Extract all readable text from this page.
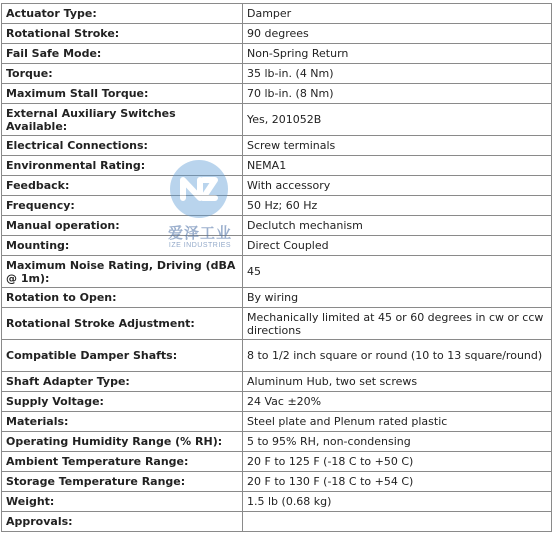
Actuator Type:	Damper
Rotational Stroke:	90 degrees
Fail Safe Mode:	Non-Spring Return
Torque:	35 lb-in. (4 Nm)
Maximum Stall Torque:	70 lb-in. (8 Nm)
External Auxiliary Switches Available:	Yes, 201052B
Electrical Connections:	Screw terminals
Environmental Rating:	NEMA1
Feedback:	With accessory
Frequency:	50 Hz; 60 Hz
Manual operation:	Declutch mechanism
Mounting:	Direct Coupled
Maximum Noise Rating, Driving (dBA @ 1m):	45
Rotation to Open:	By wiring
Rotational Stroke Adjustment:	Mechanically limited at 45 or 60 degrees in cw or ccw directions
Compatible Damper Shafts:	8 to 1/2 inch square or round (10 to 13 square/round)
Shaft Adapter Type:	Aluminum Hub, two set screws
Supply Voltage:	24 Vac ±20%
Materials:	Steel plate and Plenum rated plastic
Operating Humidity Range (% RH):	5 to 95% RH, non-condensing
Ambient Temperature Range:	20 F to 125 F (-18 C to +50 C)
Storage Temperature Range:	20 F to 130 F (-18 C to +54 C)
Weight:	1.5 lb (0.68 kg)
Approvals:	
爱泽工业
IZE INDUSTRIES
